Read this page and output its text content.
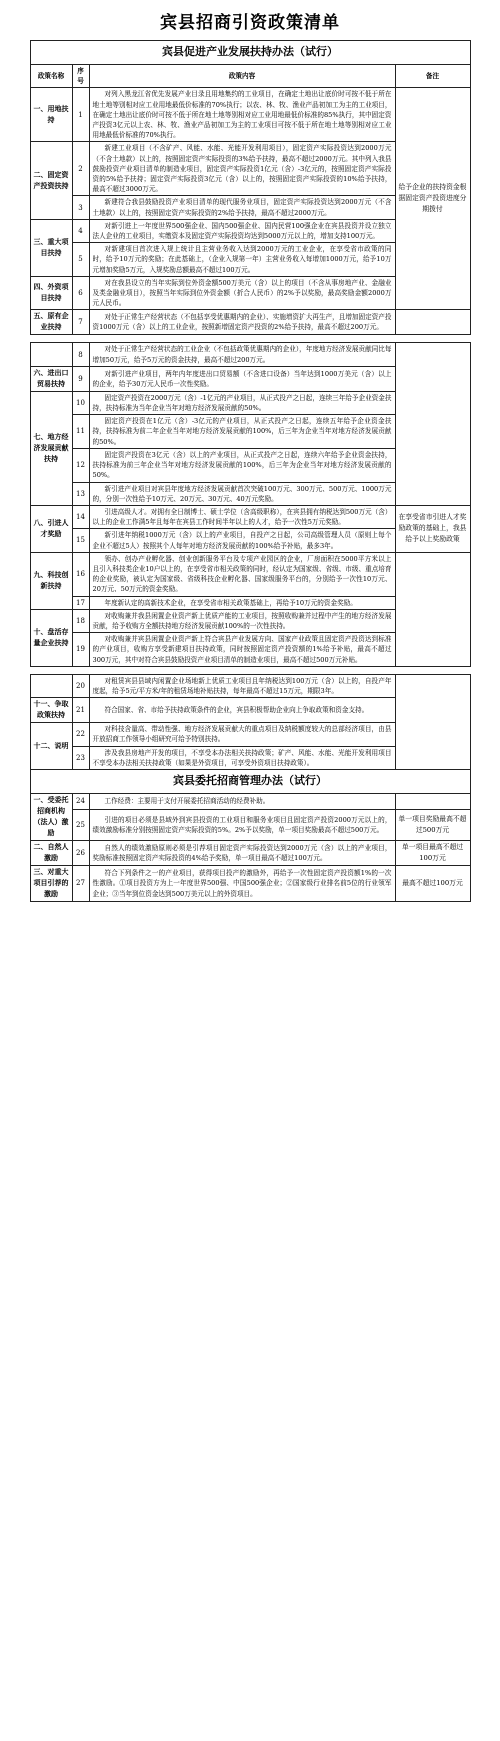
宾县招商引资政策清单
宾县促进产业发展扶持办法（试行）			
政策名称	序号	政策内容	备注
一、用地扶持	1	对列入黑龙江省优先发展产业目录且用地集约的工业项目，在确定土地出让底价时可按不低于所在地土地等别相对应工业用地最低价标准的70%执行；以农、林、牧、渔业产品初加工为主的工业项目，在确定土地出让底价时可按不低于所在地土地等别相对应工业用地最低价标准的85%执行，其中固定资产投资3亿元以上农、林、牧、渔业产品初加工为主的工业项目可按不低于所在地土地等别相对应工业用地最低价标准的70%执行。	给予企业的扶持资金根据固定资产投资进度分期拨付
二、固定资产投资扶持	2	新建工业项目（不含矿产、风能、水能、光能开发利用项目），固定资产实际投资达到2000万元（不含土地款）以上的，按照固定资产实际投资的3%给予扶持，最高不超过2000万元。其中列入我县鼓励投资产业项目清单的制造业项目，固定资产实际投资1亿元（含）-3亿元的，按照固定资产实际投资的5%给予扶持；固定资产实际投资3亿元（含）以上的，按照固定资产实际投资的10%给予扶持，最高不超过3000万元。	
	3	新建符合我县鼓励投资产业项目清单的现代服务业项目，固定资产实际投资达到2000万元（不含土地款）以上的，按照固定资产实际投资的2%给予扶持，最高不超过2000万元。	
三、重大项目扶持	4	对新引进上一年度世界500强企业、国内500强企业、国内民营100强企业在宾县投资并设立独立法人企业的工业项目，实缴资本及固定资产实际投资均达到5000万元以上的，增加支持100万元。	
	5	对新建项目首次进入规上统计且主营业务收入达到2000万元的工业企业，在享受省市政策的同时，给予10万元的奖励；在此基础上，（企业入规第一年）主营业务收入每增加1000万元，给予10万元增加奖励5万元，入规奖励总额最高不超过100万元。	
四、外资项目扶持	6	对在我县设立的当年实际到位外资金额500万美元（含）以上的项目（不含从事房地产业、金融业及类金融业项目），按照当年实际到位外资金额（折合人民币）的2%予以奖励，最高奖励金额2000万元人民币。	
五、原有企业扶持	7	对处于正常生产经营状态（不包括享受优惠期内的企业）、实施增资扩大再生产，且增加固定资产投资1000万元（含）以上的工业企业，按照新增固定资产投资的2%给予扶持，最高不超过200万元。	

	8	对处于正常生产经营状态的工业企业（不包括政策优惠期内的企业），年度地方经济发展贡献同比每增加50万元，给予5万元的资金扶持，最高不超过200万元。	
六、进出口贸易扶持	9	对新引进产业项目，两年内年度进出口贸易额（不含进口设备）当年达到1000万美元（含）以上的企业，给予30万元人民币一次性奖励。	
七、地方经济发展贡献扶持	10	固定资产投资在2000万元（含）-1亿元的产业项目，从正式投产之日起，连续三年给予企业资金扶持，扶持标准为当年企业当年对地方经济发展贡献的50%。	
	11	固定资产投资在1亿元（含）-3亿元的产业项目，从正式投产之日起，连续五年给予企业资金扶持，扶持标准为前二年企业当年对地方经济发展贡献的100%，后三年为企业当年对地方经济发展贡献的50%。	
	12	固定资产投资在3亿元（含）以上的产业项目，从正式投产之日起，连续六年给予企业资金扶持，扶持标准为前三年企业当年对地方经济发展贡献的100%，后三年为企业当年对地方经济发展贡献的50%。	
	13	新引进产业项目对宾县年度地方经济发展贡献首次突破100万元、300万元、500万元、1000万元的，分别一次性给予10万元、20万元、30万元、40万元奖励。	
八、引进人才奖励	14	引进高级人才。对拥有全日制博士、硕士学位（含高级职称），在宾县拥有纳税达到500万元（含）以上的企业工作满5年且每年在宾县工作时间半年以上的人才，给予一次性5万元奖励。	在享受省市引进人才奖励政策的基础上，我县给予以上奖励政策
	15	新引进年纳税1000万元（含）以上的产业项目，自投产之日起，公司高级管理人员（原则上每个企业不超过5人）按照其个人每年对地方经济发展贡献的100%给予补贴，最多3年。	
九、科技创新扶持	16	领办、创办产业孵化器、创业创新服务平台及专项产业园区的企业，厂房面积在5000平方米以上且引入科技类企业10户以上的，在享受省市相关政策的同时，经认定为国家级、省级、市级、重点培育的企业奖励，被认定为国家级、省级科技企业孵化器、国家级服务平台的，分别给予一次性10万元、20万元、50万元的资金奖励。	
	17	年度新认定的高新技术企业，在享受省市相关政策基础上，再给予10万元的资金奖励。	
十、盘活存量企业扶持	18	对收购兼并我县闲置企业资产新上优质产能的工业项目，按照收购兼并过程中产生的地方经济发展贡献，给予收购方全额扶持地方经济发展贡献100%的一次性扶持。	
	19	对收购兼并宾县闲置企业资产新上符合宾县产业发展方向、国家产业政策且固定资产投资达到标准的产业项目，收购方享受新建项目扶持政策，同时按照固定资产投资额的1%给予补贴，最高不超过300万元，其中对符合宾县鼓励投资产业项目清单的制造业项目，最高不超过500万元补贴。	

	20	对租赁宾县县域内闲置企业场地新上优质工业项目且年纳税达到100万元（含）以上的，自投产年度起，给予5元/平方米/年的租赁场地补贴扶持，每年最高不超过15万元，期限3年。	
十一、争取政策扶持	21	符合国家、省、市给予扶持政策条件的企业，宾县积极帮助企业向上争取政策和资金支持。	
十二、说明	22	对科技含量高、带动性强、地方经济发展贡献大的重点项目及纳税额度较大的总部经济项目，由县开放招商工作领导小组研究可给予特别扶持。	
	23	涉及我县房地产开发的项目，不享受本办法相关扶持政策；矿产、风能、水能、光能开发利用项目不享受本办法相关扶持政策（如果是外资项目，可享受外资项目扶持政策）。	
宾县委托招商管理办法（试行）			
一、受委托招商机构（法人）激励	24	工作经费：主要用于支付开展委托招商活动的经费补助。	
	25	引进的项目必须是县域外到宾县投资的工业项目和服务业项目且固定资产投资2000万元以上的，绩效激励标准分别按照固定资产实际投资的5%。2%予以奖励，单一项目奖励最高不超过500万元。	单一项目奖励最高不超过500万元
二、自然人激励	26	自然人的绩效激励原则必须是引荐项目固定资产实际投资达到2000万元（含）以上的产业项目，奖励标准按照固定资产实际投资的4%给予奖励，单一项目最高不超过100万元。	单一项目最高不超过100万元
三、对重大项目引荐的激励	27	符合下列条件之一的产业项目，获得项目投产的激励外，再给予一次性固定资产投资额1%的一次性激励。①项目投资方为上一年度世界500强、中国500强企业；②国家级行业排名前5位的行业领军企业；③当年到位资金达到500万美元以上的外资项目。	最高不超过100万元
